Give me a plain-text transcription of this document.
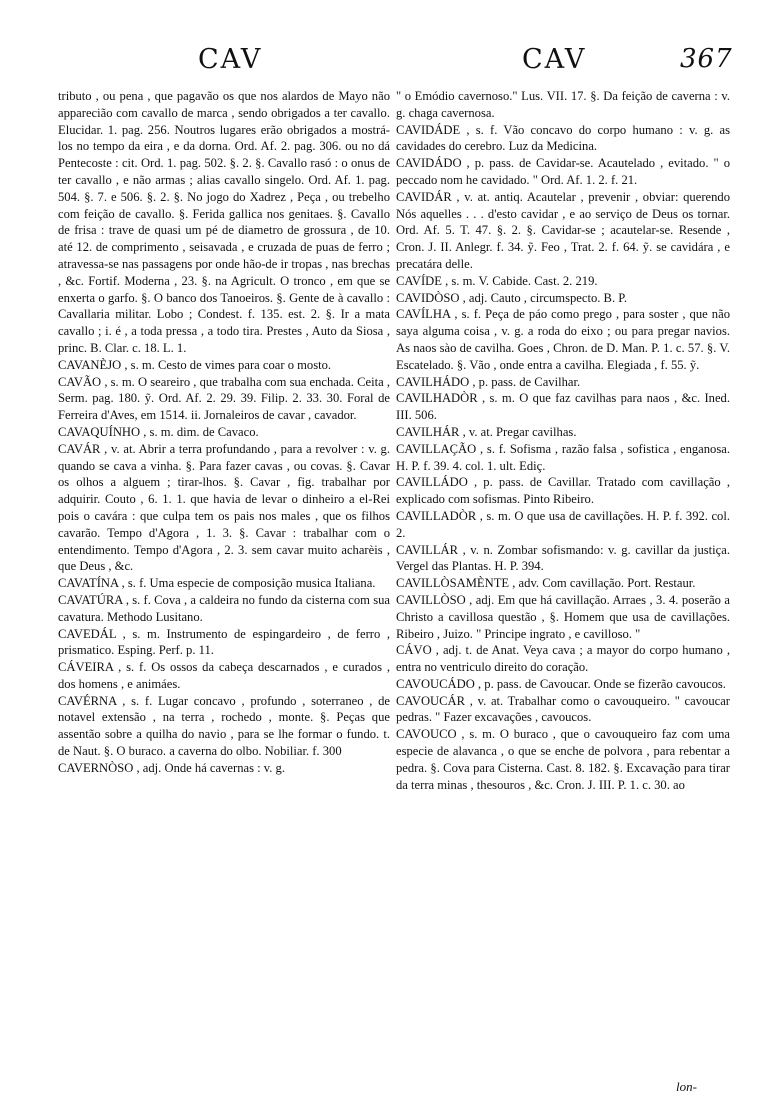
CAV	CAV	367

tributo , ou pena , que pagavão os que nos alardos de Mayo não apparecião com cavallo de marca , sendo obrigados a ter cavallo. Elucidar. 1. pag. 256. Noutros lugares erão obrigados a mostrá-los no tempo da eira , e da dorna. Ord. Af. 2. pag. 306. ou no dá Pentecoste : cit. Ord. 1. pag. 502. §. 2. §. Cavallo rasó : o onus de ter cavallo , e não armas ; alias cavallo singelo. Ord. Af. 1. pag. 504. §. 7. e 506. §. 2. §. No jogo do Xadrez , Peça , ou trebelho com feição de cavallo. §. Ferida gallica nos genitaes. §. Cavallo de frisa : trave de quasi um pé de diametro de grossura , de 10. até 12. de comprimento , seisavada , e cruzada de puas de ferro ; atravessa-se nas passagens por onde hão-de ir tropas , nas brechas , &c. Fortif. Moderna , 23. §. na Agricult. O tronco , em que se enxerta o garfo. §. O banco dos Tanoeiros. §. Gente de à cavallo : Cavallaria militar. Lobo ; Condest. f. 135. est. 2. §. Ir a mata cavallo ; i. é , a toda pressa , a todo tira. Prestes , Auto da Siosa , princ. B. Clar. c. 18. L. 1.

CAVANÈJO , s. m. Cesto de vimes para coar o mosto.

CAVÃO , s. m. O seareiro , que trabalha com sua enchada. Ceita , Serm. pag. 180. ỹ. Ord. Af. 2. 29. 39. Filip. 2. 33. 30. Foral de Ferreira d'Aves, em 1514. ii. Jornaleiros de cavar , cavador.

CAVAQUÍNHO , s. m. dim. de Cavaco.

CAVÁR , v. at. Abrir a terra profundando , para a revolver : v. g. quando se cava a vinha. §. Para fazer cavas , ou covas. §. Cavar os olhos a alguem ; tirar-lhos. §. Cavar , fig. trabalhar por adquirir. Couto , 6. 1. 1. que havia de levar o dinheiro a el-Rei pois o cavára : que culpa tem os pais nos males , que os filhos cavarão. Tempo d'Agora , 1. 3. §. Cavar : trabalhar com o entendimento. Tempo d'Agora , 2. 3. sem cavar muito acharèis , que Deus , &c.

CAVATÍNA , s. f. Uma especie de composição musica Italiana.

CAVATÚRA , s. f. Cova , a caldeira no fundo da cisterna com sua cavatura. Methodo Lusitano.

CAVEDÁL , s. m. Instrumento de espingardeiro , de ferro , prismatico. Esping. Perf. p. 11.

CÁVEIRA , s. f. Os ossos da cabeça descarnados , e curados , dos homens , e animáes.

CAVÉRNA , s. f. Lugar concavo , profundo , soterraneo , de notavel extensão , na terra , rochedo , monte. §. Peças que assentão sobre a quilha do navio , para se lhe formar o fundo. t. de Naut. §. O buraco. a caverna do olbo. Nobiliar. f. 300

CAVERNÒSO , adj. Onde há cavernas : v. g.

" o Emódio cavernoso." Lus. VII. 17. §. Da feição de caverna : v. g. chaga cavernosa.

CAVIDÁDE , s. f. Vão concavo do corpo humano : v. g. as cavidades do cerebro. Luz da Medicina.

CAVIDÁDO , p. pass. de Cavidar-se. Acautelado , evitado. " o peccado nom he cavidado. " Ord. Af. 1. 2. f. 21.

CAVIDÁR , v. at. antiq. Acautelar , prevenir , obviar: querendo Nós aquelles . . . d'esto cavidar , e ao serviço de Deus os tornar. Ord. Af. 5. T. 47. §. 2. §. Cavidar-se ; acautelar-se. Resende , Cron. J. II. Anlegr. f. 34. ỹ. Feo , Trat. 2. f. 64. ỹ. se cavidára , e precatára delle.

CAVÍDE , s. m. V. Cabide. Cast. 2. 219.

CAVIDÒSO , adj. Cauto , circumspecto. B. P.

CAVÍLHA , s. f. Peça de páo como prego , para soster , que não saya alguma coisa , v. g. a roda do eixo ; ou para pregar navios. As naos sào de cavilha. Goes , Chron. de D. Man. P. 1. c. 57. §. V. Escatelado. §. Vão , onde entra a cavilha. Elegiada , f. 55. ỹ.

CAVILHÁDO , p. pass. de Cavilhar.

CAVILHADÒR , s. m. O que faz cavilhas para naos , &c. Ined. III. 506.

CAVILHÁR , v. at. Pregar cavilhas.

CAVILLAÇÃO , s. f. Sofisma , razão falsa , sofistica , enganosa. H. P. f. 39. 4. col. 1. ult. Ediç.

CAVILLÁDO , p. pass. de Cavillar. Tratado com cavillação , explicado com sofismas. Pinto Ribeiro.

CAVILLADÒR , s. m. O que usa de cavillações. H. P. f. 392. col. 2.

CAVILLÁR , v. n. Zombar sofismando: v. g. cavillar da justiça. Vergel das Plantas. H. P. 394.

CAVILLÒSAMÈNTE , adv. Com cavillação. Port. Restaur.

CAVILLÒSO , adj. Em que há cavillação. Arraes , 3. 4. poserão a Christo a cavillosa questão , §. Homem que usa de cavillações. Ribeiro , Juizo. " Principe ingrato , e cavilloso. "

CÁVO , adj. t. de Anat. Veya cava ; a mayor do corpo humano , entra no ventriculo direito do coração.

CAVOUCÁDO , p. pass. de Cavoucar. Onde se fizerão cavoucos.

CAVOUCÁR , v. at. Trabalhar como o cavouqueiro. " cavoucar pedras. " Fazer excavações , cavoucos.

CAVOUCO , s. m. O buraco , que o cavouqueiro faz com uma especie de alavanca , o que se enche de polvora , para rebentar a pedra. §. Cova para Cisterna. Cast. 8. 182. §. Excavação para tirar da terra minas , thesouros , &c. Cron. J. III. P. 1. c. 30. ao

lon-
